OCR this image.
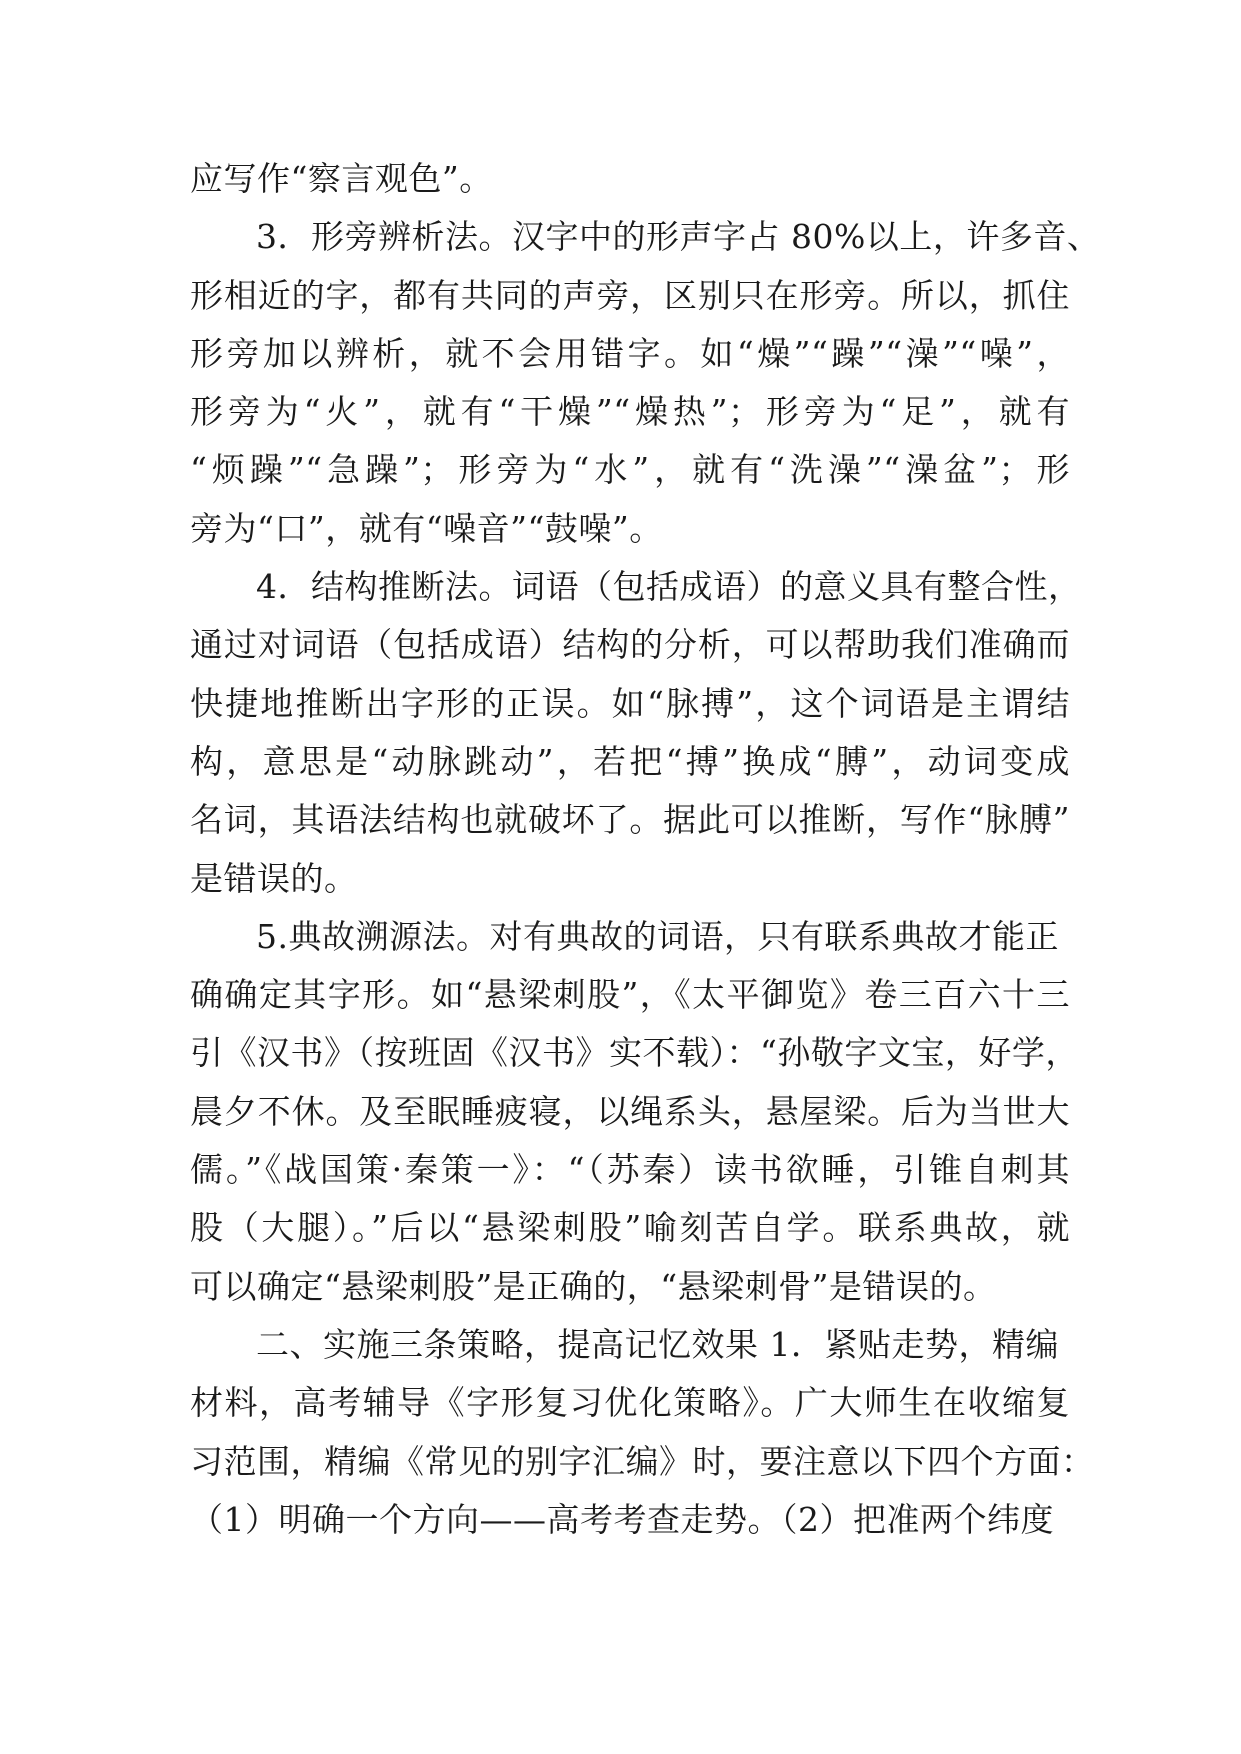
应写作“察言观色”。
3．形旁辨析法。汉字中的形声字占 80%以上，许多音、
形相近的字，都有共同的声旁，区别只在形旁。所以，抓住
形旁加以辨析，就不会用错字。如“燥”“躁”“澡”“噪”，
形旁为“火”，就有“干燥”“燥热”；形旁为“足”，就有
“烦躁”“急躁”；形旁为“水”，就有“洗澡”“澡盆”；形
旁为“口”，就有“噪音”“鼓噪”。
4．结构推断法。词语（包括成语）的意义具有整合性，
通过对词语（包括成语）结构的分析，可以帮助我们准确而
快捷地推断出字形的正误。如“脉搏”，这个词语是主谓结
构，意思是“动脉跳动”，若把“搏”换成“膊”，动词变成
名词，其语法结构也就破坏了。据此可以推断，写作“脉膊”
是错误的。
5.典故溯源法。对有典故的词语，只有联系典故才能正
确确定其字形。如“悬梁刺股”，《太平御览》卷三百六十三
引《汉书》（按班固《汉书》实不载）：“孙敬字文宝，好学，
晨夕不休。及至眠睡疲寝，以绳系头，悬屋梁。后为当世大
儒。”《战国策·秦策一》：“（苏秦）读书欲睡，引锥自刺其
股（大腿）。”后以“悬梁刺股”喻刻苦自学。联系典故，就
可以确定“悬梁刺股”是正确的，“悬梁刺骨”是错误的。
二、实施三条策略，提高记忆效果 1．紧贴走势，精编
材料，高考辅导《字形复习优化策略》。广大师生在收缩复
习范围，精编《常见的别字汇编》时，要注意以下四个方面：
（1）明确一个方向——高考考查走势。（2）把准两个纬度
